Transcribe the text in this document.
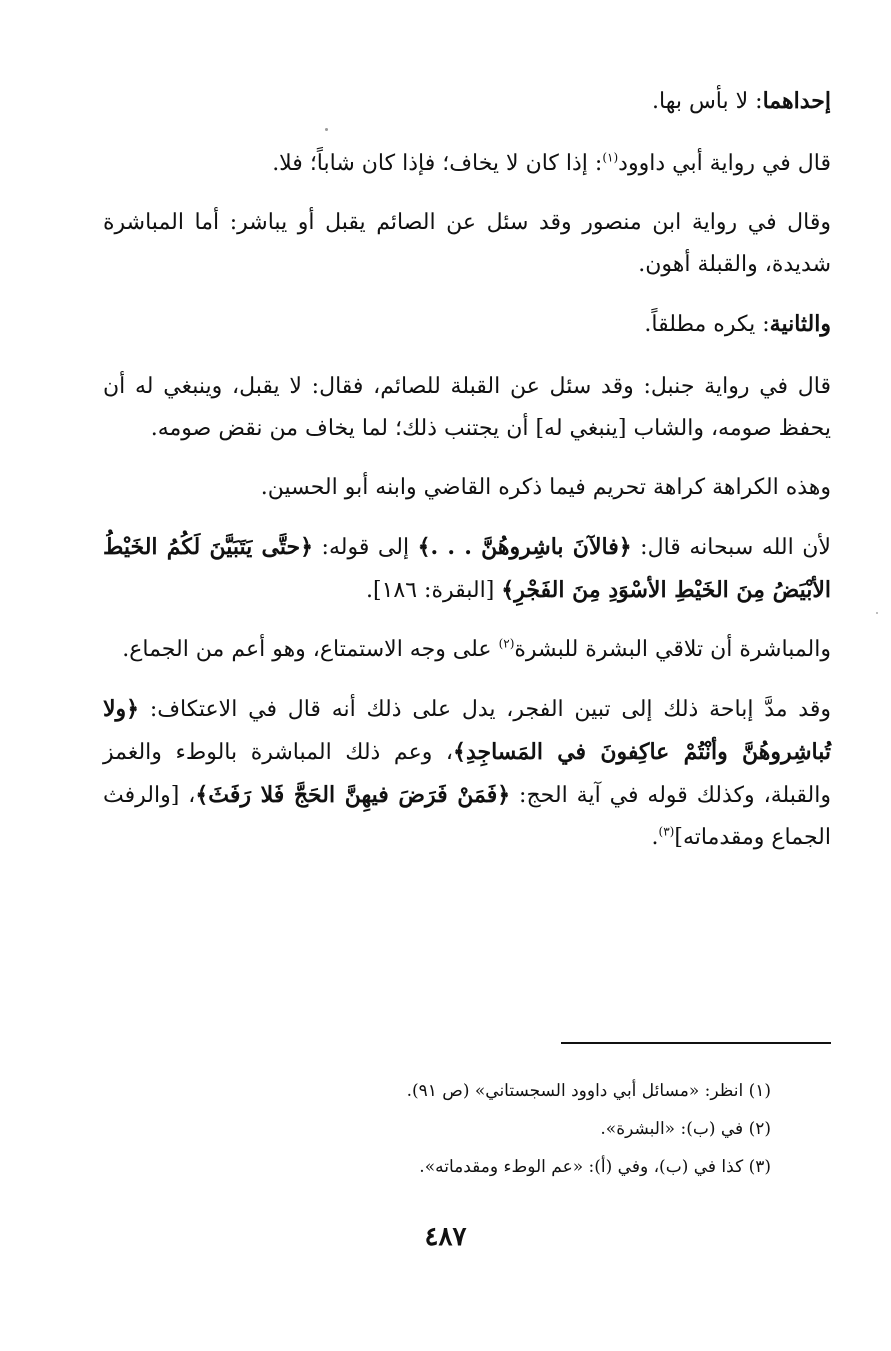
إحداهما: لا بأس بها.

قال في رواية أبي داوود$^{(١)}$: إذا كان لا يخاف؛ فإذا كان شاباً؛ فلا.

وقال في رواية ابن منصور وقد سئل عن الصائم يقبل أو يباشر: أما المباشرة شديدة، والقبلة أهون.

والثانية: يكره مطلقاً.

قال في رواية جنبل: وقد سئل عن القبلة للصائم، فقال: لا يقبل، وينبغي له أن يحفظ صومه، والشاب [ينبغي له] أن يجتنب ذلك؛ لما يخاف من نقض صومه.

وهذه الكراهة كراهة تحريم فيما ذكره القاضي وابنه أبو الحسين.

لأن الله سبحانه قال: ﴿فالآنَ باشِروهُنَّ . . .﴾ إلى قوله: ﴿حتَّى يَتَبَيَّنَ لَكُمُ الخَيْطُ الأبْيَضُ مِنَ الخَيْطِ الأسْوَدِ مِنَ الفَجْرِ﴾ [البقرة: ١٨٦].

والمباشرة أن تلاقي البشرة للبشرة$^{(٢)}$ على وجه الاستمتاع، وهو أعم من الجماع.

وقد مدَّ إباحة ذلك إلى تبين الفجر، يدل على ذلك أنه قال في الاعتكاف: ﴿ولا تُباشِروهُنَّ وأنْتُمْ عاكِفونَ في المَساجِدِ﴾، وعم ذلك المباشرة بالوطء والغمز والقبلة، وكذلك قوله في آية الحج: ﴿فَمَنْ فَرَضَ فيهِنَّ الحَجَّ فَلا رَفَثَ﴾، [والرفث الجماع ومقدماته]$^{(٣)}$.

(١) انظر: «مسائل أبي داوود السجستاني» (ص ٩١).

(٢) في (ب): «البشرة».

(٣) كذا في (ب)، وفي (أ): «عم الوطء ومقدماته».

٤٨٧
